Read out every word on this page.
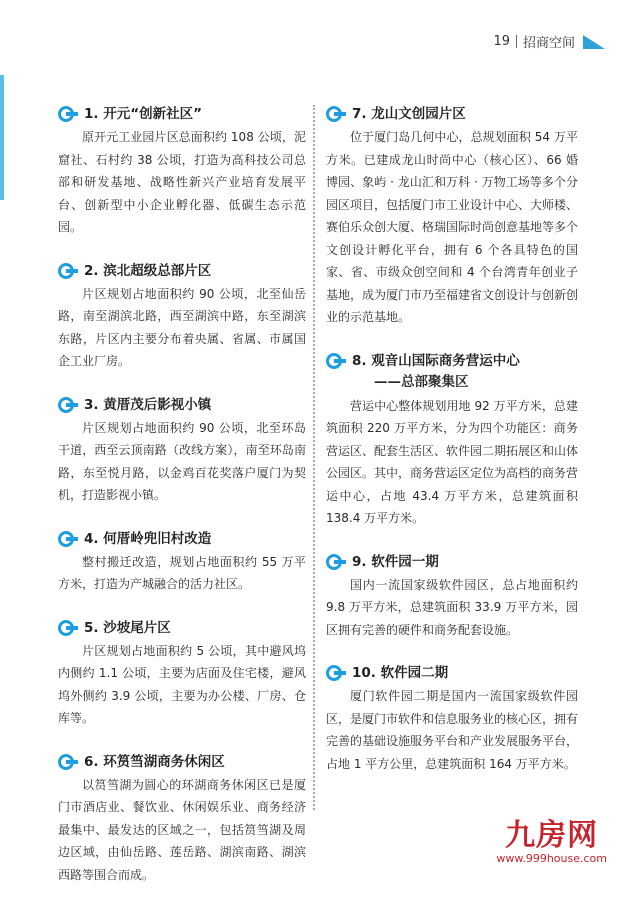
19 招商空间
1. 开元“创新社区”
原开元工业园片区总面积约 108 公顷，泥窟社、石村约 38 公顷，打造为高科技公司总部和研发基地、战略性新兴产业培育发展平台、创新型中小企业孵化器、低碳生态示范园。
2. 滨北超级总部片区
片区规划占地面积约 90 公顷，北至仙岳路，南至湖滨北路，西至湖滨中路，东至湖滨东路，片区内主要分布着央属、省属、市属国企工业厂房。
3. 黄厝茂后影视小镇
片区规划占地面积约 90 公顷，北至环岛干道，西至云顶南路（改线方案），南至环岛南路，东至悦月路，以金鸡百花奖落户厦门为契机，打造影视小镇。
4. 何厝岭兜旧村改造
整村搬迁改造，规划占地面积约 55 万平方米，打造为产城融合的活力社区。
5. 沙坡尾片区
片区规划占地面积约 5 公顷，其中避风坞内侧约 1.1 公顷，主要为店面及住宅楼，避风坞外侧约 3.9 公顷，主要为办公楼、厂房、仓库等。
6. 环筼筜湖商务休闲区
以筼筜湖为圆心的环湖商务休闲区已是厦门市酒店业、餐饮业、休闲娱乐业、商务经济最集中、最发达的区域之一，包括筼筜湖及周边区域，由仙岳路、莲岳路、湖滨南路、湖滨西路等围合而成。
7. 龙山文创园片区
位于厦门岛几何中心，总规划面积 54 万平方米。已建成龙山时尚中心（核心区）、66 婚博园、象屿 · 龙山汇和万科 · 万物工场等多个分园区项目，包括厦门市工业设计中心、大师楼、赛伯乐众创大厦、格瑞国际时尚创意基地等多个文创设计孵化平台，拥有 6 个各具特色的国家、省、市级众创空间和 4 个台湾青年创业子基地，成为厦门市乃至福建省文创设计与创新创业的示范基地。
8. 观音山国际商务营运中心
——总部聚集区
营运中心整体规划用地 92 万平方米，总建筑面积 220 万平方米，分为四个功能区：商务营运区、配套生活区、软件园二期拓展区和山体公园区。其中，商务营运区定位为高档的商务营运中心，占地 43.4 万平方米，总建筑面积 138.4 万平方米。
9. 软件园一期
国内一流国家级软件园区，总占地面积约 9.8 万平方米，总建筑面积 33.9 万平方米，园区拥有完善的硬件和商务配套设施。
10. 软件园二期
厦门软件园二期是国内一流国家级软件园区，是厦门市软件和信息服务业的核心区，拥有完善的基础设施服务平台和产业发展服务平台，占地 1 平方公里，总建筑面积 164 万平方米。
九房网
www.999house.com
